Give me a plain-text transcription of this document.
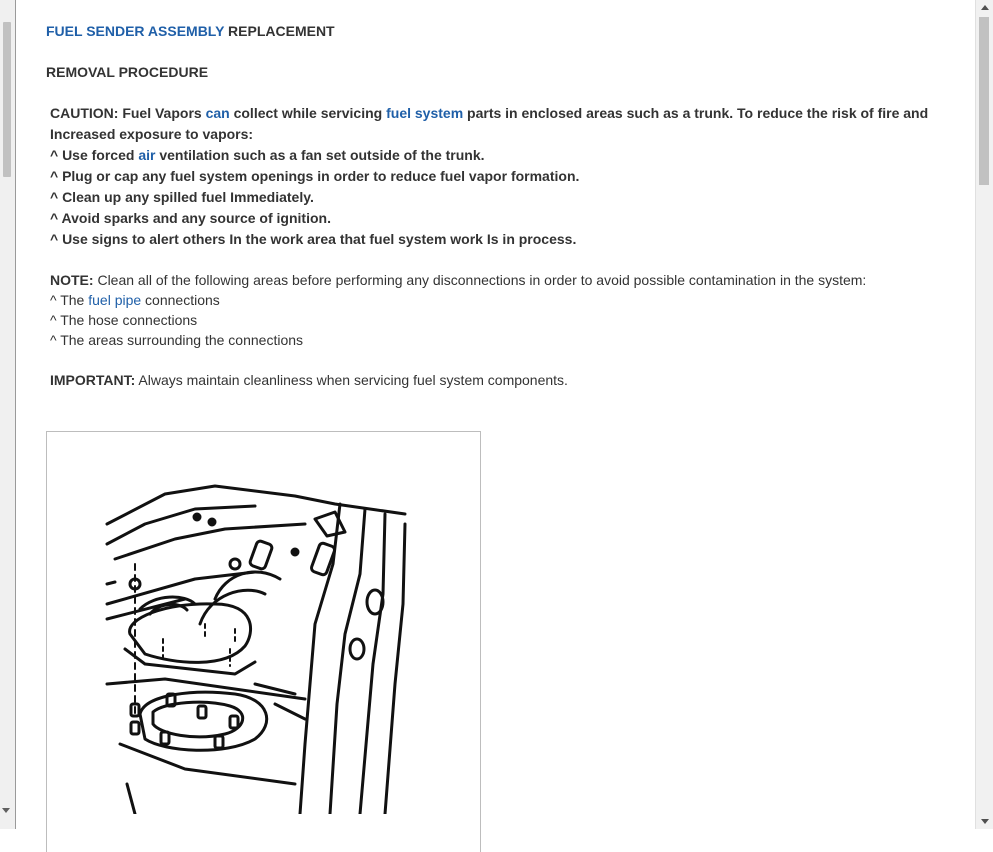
FUEL SENDER ASSEMBLY REPLACEMENT
REMOVAL PROCEDURE
CAUTION: Fuel Vapors can collect while servicing fuel system parts in enclosed areas such as a trunk. To reduce the risk of fire and Increased exposure to vapors:
^ Use forced air ventilation such as a fan set outside of the trunk.
^ Plug or cap any fuel system openings in order to reduce fuel vapor formation.
^ Clean up any spilled fuel Immediately.
^ Avoid sparks and any source of ignition.
^ Use signs to alert others In the work area that fuel system work Is in process.
NOTE: Clean all of the following areas before performing any disconnections in order to avoid possible contamination in the system:
^ The fuel pipe connections
^ The hose connections
^ The areas surrounding the connections
IMPORTANT: Always maintain cleanliness when servicing fuel system components.
